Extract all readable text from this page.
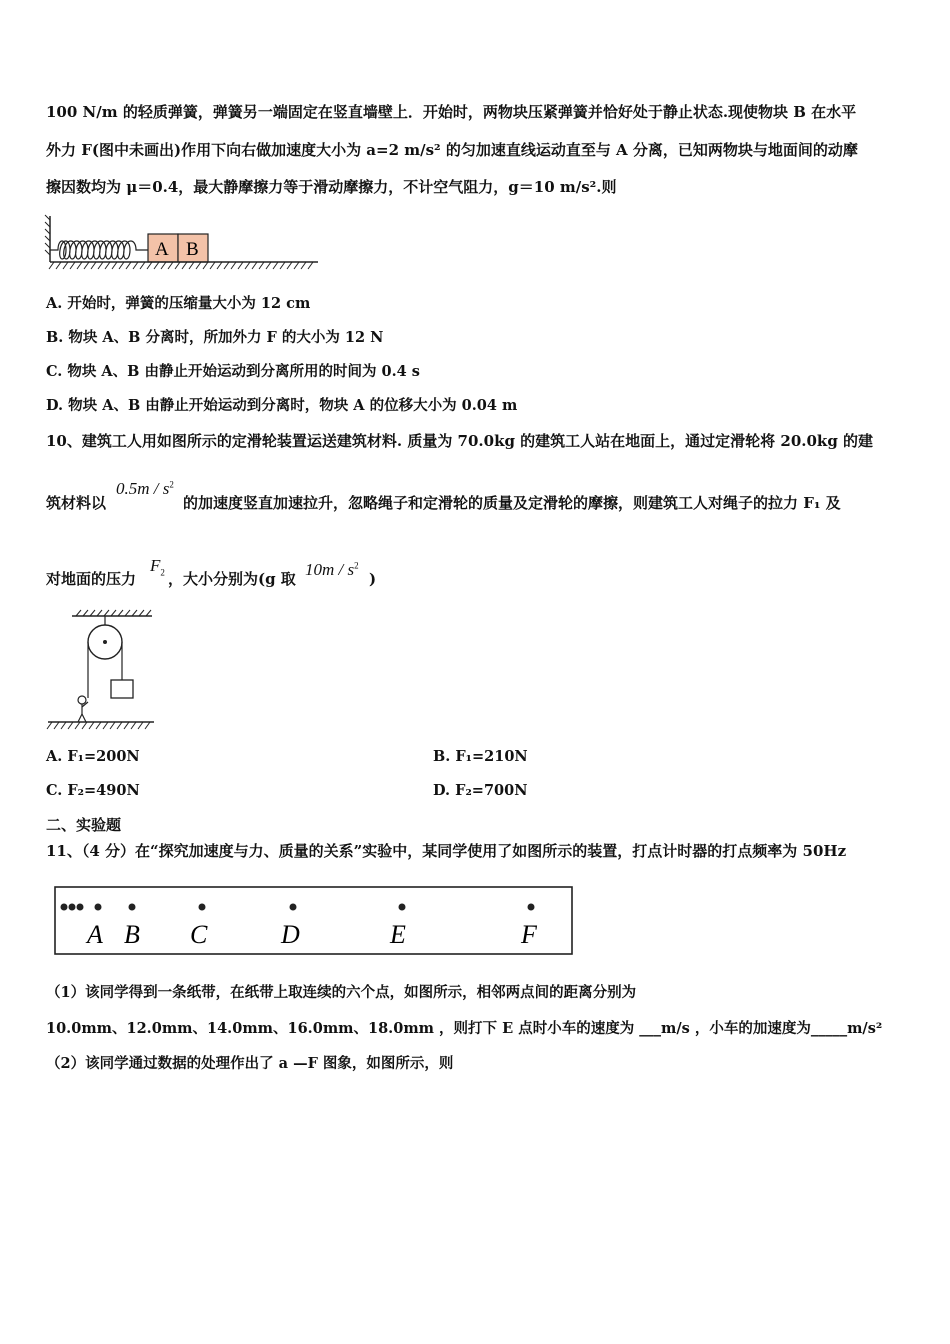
100 N/m 的轻质弹簧，弹簧另一端固定在竖直墙壁上．开始时，两物块压紧弹簧并恰好处于静止状态.现使物块 B 在水平
外力 F(图中未画出)作用下向右做加速度大小为 a=2 m/s² 的匀加速直线运动直至与 A 分离，已知两物块与地面间的动摩
擦因数均为 μ＝0.4，最大静摩擦力等于滑动摩擦力，不计空气阻力，g＝10 m/s².则
A B
A. 开始时，弹簧的压缩量大小为 12 cm
B. 物块 A、B 分离时，所加外力 F 的大小为 12 N
C. 物块 A、B 由静止开始运动到分离所用的时间为 0.4 s
D. 物块 A、B 由静止开始运动到分离时，物块 A 的位移大小为 0.04 m
10、建筑工人用如图所示的定滑轮装置运送建筑材料. 质量为 70.0kg 的建筑工人站在地面上，通过定滑轮将 20.0kg 的建
筑材料以
$0.5m / s^2$
的加速度竖直加速拉升，忽略绳子和定滑轮的质量及定滑轮的摩擦，则建筑工人对绳子的拉力 F₁ 及
对地面的压力
$F_2$ ，大小分别为(g 取 $10m / s^2$
)
A. F₁=200N	B. F₁=210N
C. F₂=490N	D. F₂=700N
二、实验题
11、（4 分）在“探究加速度与力、质量的关系”实验中，某同学使用了如图所示的装置，打点计时器的打点频率为 50Hz
A B C	D	E	F
（1）该同学得到一条纸带，在纸带上取连续的六个点，如图所示，相邻两点间的距离分别为
10.0mm、12.0mm、14.0mm、16.0mm、18.0mm ，则打下 E 点时小车的速度为 ___m/s ，小车的加速度为_____m/s²
（2）该同学通过数据的处理作出了 a —F 图象，如图所示，则
